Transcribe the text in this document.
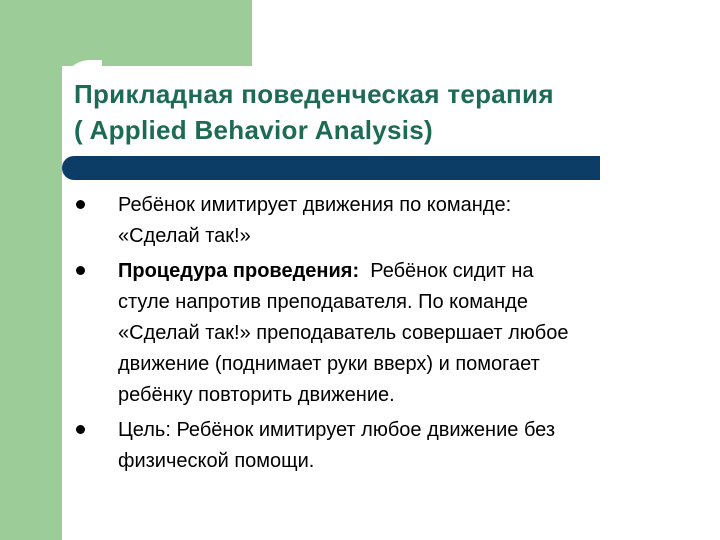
Прикладная поведенческая терапия
( Applied Behavior Analysis)
Ребёнок имитирует движения по команде:
«Сделай так!»
Процедура проведения:  Ребёнок сидит на
стуле напротив преподавателя. По команде
«Сделай так!» преподаватель совершает любое
движение (поднимает руки вверх) и помогает
ребёнку повторить движение.
Цель: Ребёнок имитирует любое движение без
физической помощи.
